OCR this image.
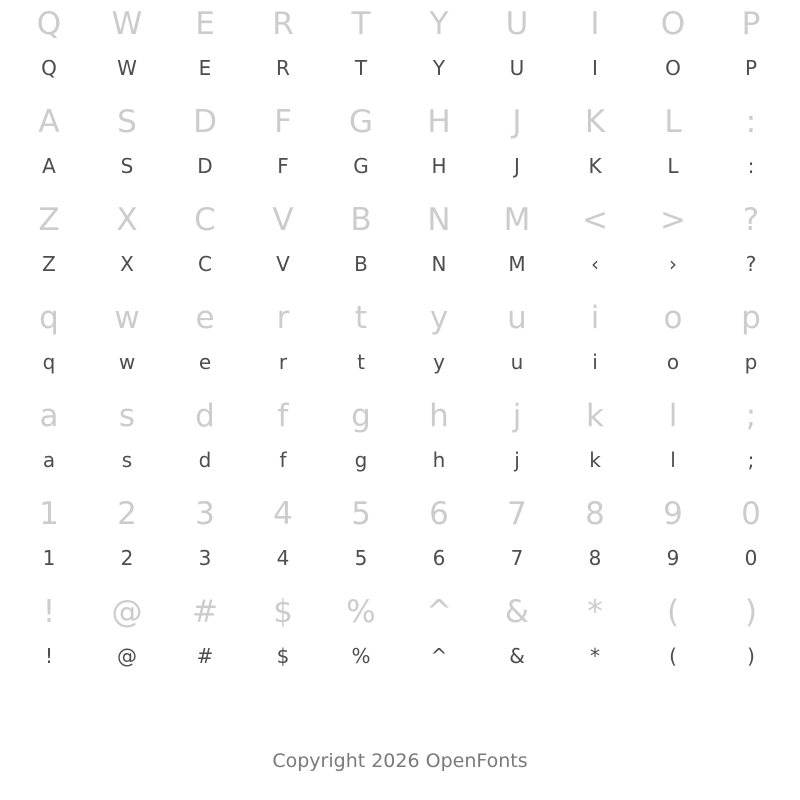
Q	W	E	R	T	Y	U	I	O	P
Q	W	E	R	T	Y	U	I	O	P
A	S	D	F	G	H	J	K	L	:
A	S	D	F	G	H	J	K	L	:
Z	X	C	V	B	N	M	<	>	?
Z	X	C	V	B	N	M	‹	›	?
q	w	e	r	t	y	u	i	o	p
q	w	e	r	t	y	u	i	o	p
a	s	d	f	g	h	j	k	l	;
a	s	d	f	g	h	j	k	l	;
1	2	3	4	5	6	7	8	9	0
1	2	3	4	5	6	7	8	9	0
!	@	#	$	%	^	&	*	(	)
!	@	#	$	%	^	&	*	(	)
Copyright 2026 OpenFonts
